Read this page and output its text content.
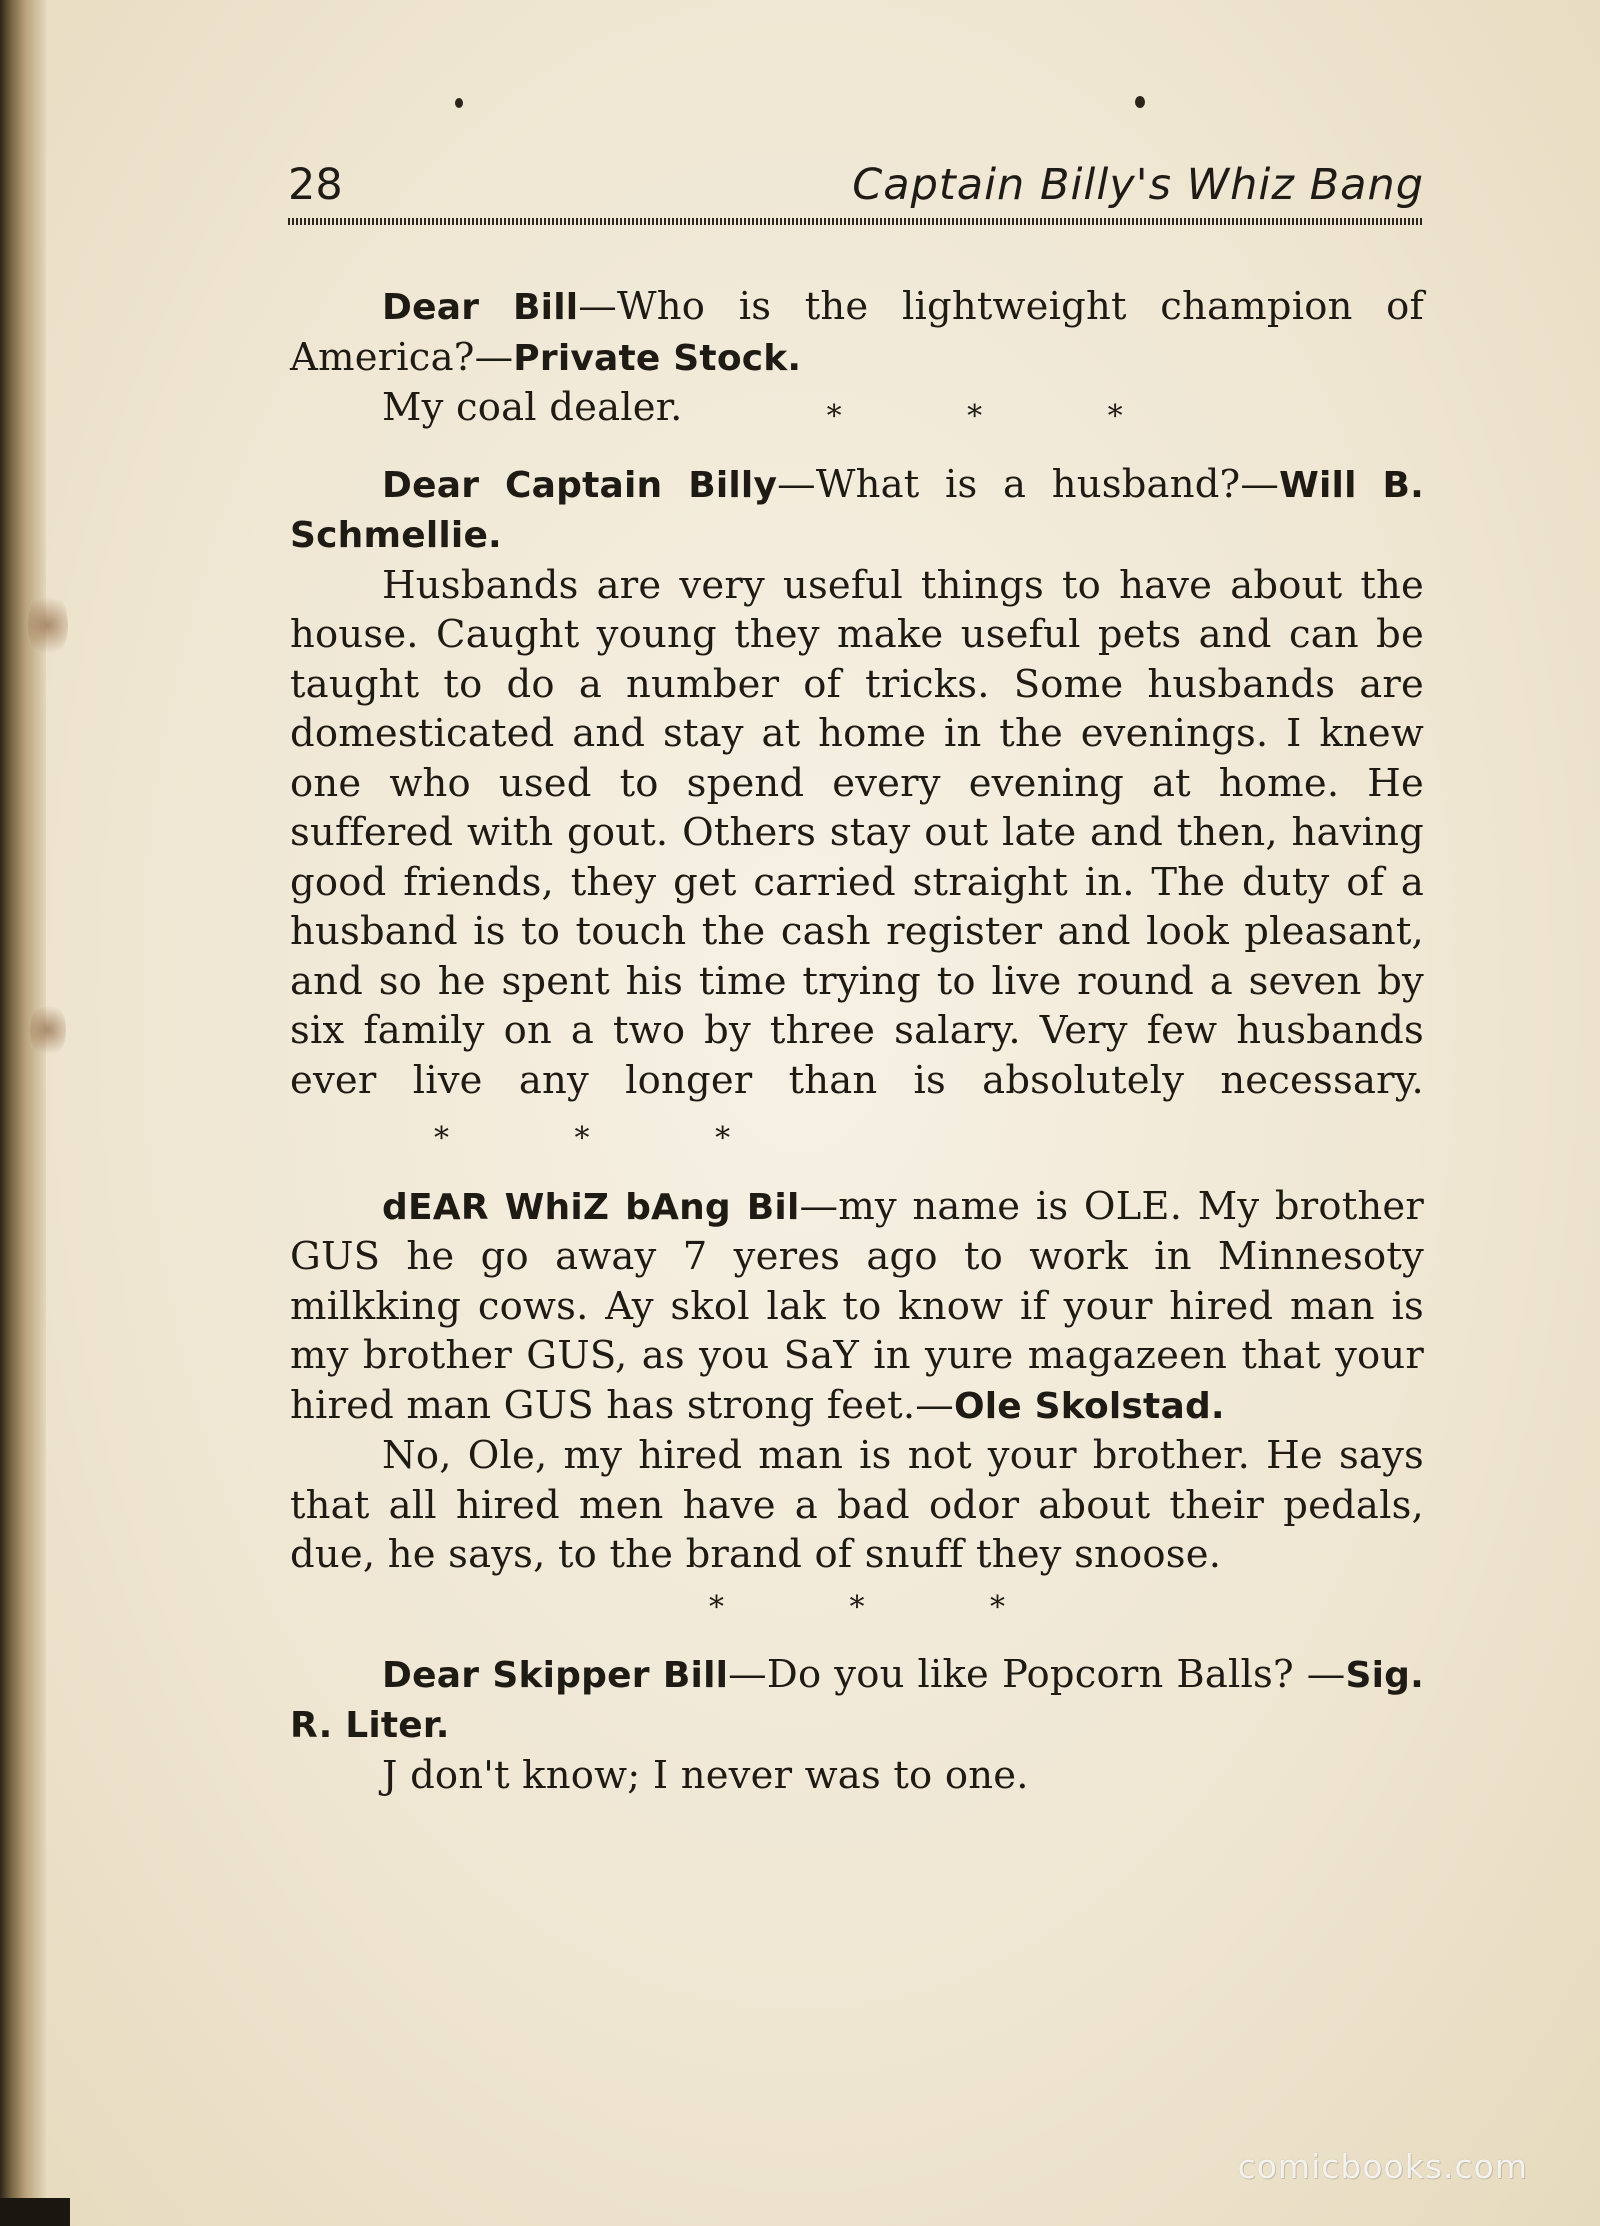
28	Captain Billy's Whiz Bang

Dear Bill—Who is the lightweight champion of America?—Private Stock.

My coal dealer.	* * *

Dear Captain Billy—What is a husband?—Will B. Schmellie.

Husbands are very useful things to have about the house. Caught young they make useful pets and can be taught to do a number of tricks. Some husbands are domesticated and stay at home in the evenings. I knew one who used to spend every evening at home. He suffered with gout. Others stay out late and then, having good friends, they get carried straight in. The duty of a husband is to touch the cash register and look pleasant, and so he spent his time trying to live round a seven by six family on a two by three salary. Very few husbands ever live any longer than is absolutely necessary.* * *

dEAR WhiZ bAng Bil—my name is OLE. My brother GUS he go away 7 yeres ago to work in Minnesoty milkking cows. Ay skol lak to know if your hired man is my brother GUS, as you SaY in yure magazeen that your hired man GUS has strong feet.—Ole Skolstad.

No, Ole, my hired man is not your brother. He says that all hired men have a bad odor about their pedals, due, he says, to the brand of snuff they snoose.

* * *

Dear Skipper Bill—Do you like Popcorn Balls? —Sig. R. Liter.

J don't know; I never was to one.

comicbooks.com
